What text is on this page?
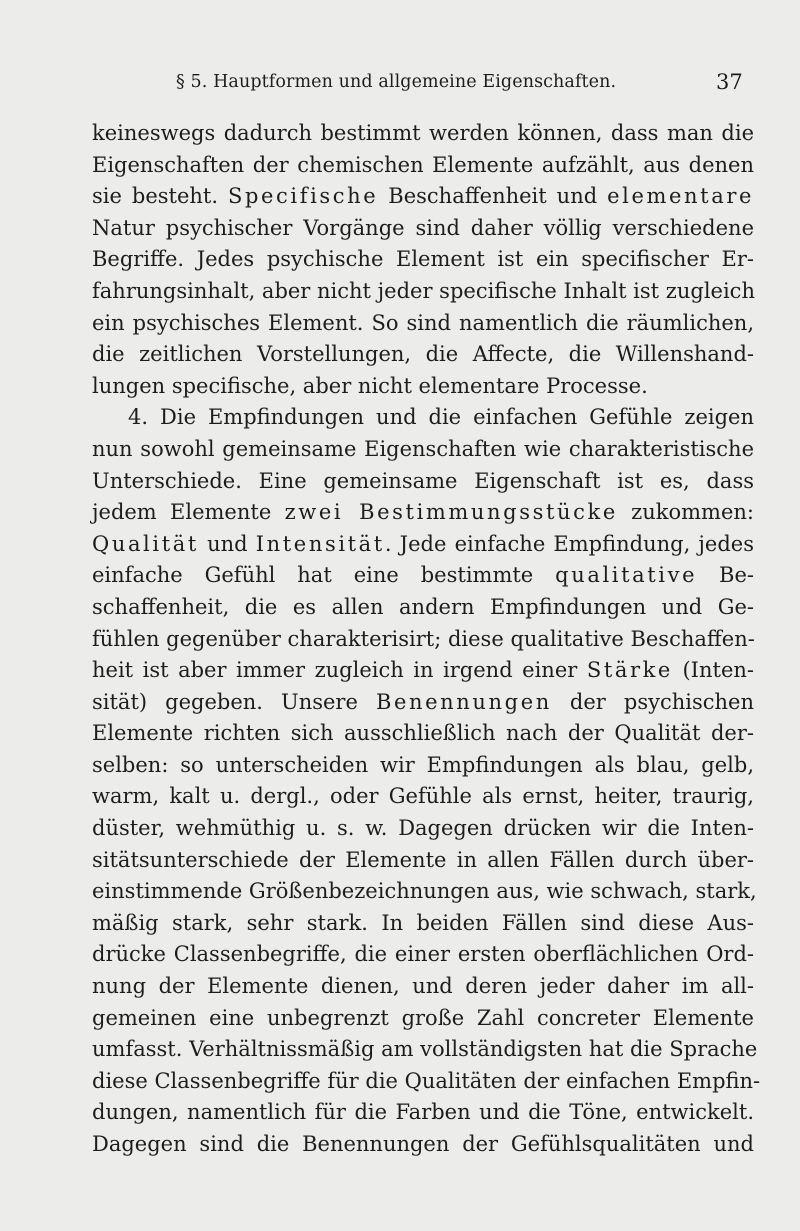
§ 5. Hauptformen und allgemeine Eigenschaften.	37
keineswegs dadurch bestimmt werden können, dass man die
Eigenschaften der chemischen Elemente aufzählt, aus denen
sie besteht. Specifische Beschaffenheit und elementare
Natur psychischer Vorgänge sind daher völlig verschiedene
Begriffe. Jedes psychische Element ist ein specifischer Er-
fahrungsinhalt, aber nicht jeder specifische Inhalt ist zugleich
ein psychisches Element. So sind namentlich die räumlichen,
die zeitlichen Vorstellungen, die Affecte, die Willenshand-
lungen specifische, aber nicht elementare Processe.
4. Die Empfindungen und die einfachen Gefühle zeigen
nun sowohl gemeinsame Eigenschaften wie charakteristische
Unterschiede. Eine gemeinsame Eigenschaft ist es, dass
jedem Elemente zwei Bestimmungsstücke zukommen:
Qualität und Intensität. Jede einfache Empfindung, jedes
einfache Gefühl hat eine bestimmte qualitative Be-
schaffenheit, die es allen andern Empfindungen und Ge-
fühlen gegenüber charakterisirt; diese qualitative Beschaffen-
heit ist aber immer zugleich in irgend einer Stärke (Inten-
sität) gegeben. Unsere Benennungen der psychischen
Elemente richten sich ausschließlich nach der Qualität der-
selben: so unterscheiden wir Empfindungen als blau, gelb,
warm, kalt u. dergl., oder Gefühle als ernst, heiter, traurig,
düster, wehmüthig u. s. w. Dagegen drücken wir die Inten-
sitätsunterschiede der Elemente in allen Fällen durch über-
einstimmende Größenbezeichnungen aus, wie schwach, stark,
mäßig stark, sehr stark. In beiden Fällen sind diese Aus-
drücke Classenbegriffe, die einer ersten oberflächlichen Ord-
nung der Elemente dienen, und deren jeder daher im all-
gemeinen eine unbegrenzt große Zahl concreter Elemente
umfasst. Verhältnissmäßig am vollständigsten hat die Sprache
diese Classenbegriffe für die Qualitäten der einfachen Empfin-
dungen, namentlich für die Farben und die Töne, entwickelt.
Dagegen sind die Benennungen der Gefühlsqualitäten und
